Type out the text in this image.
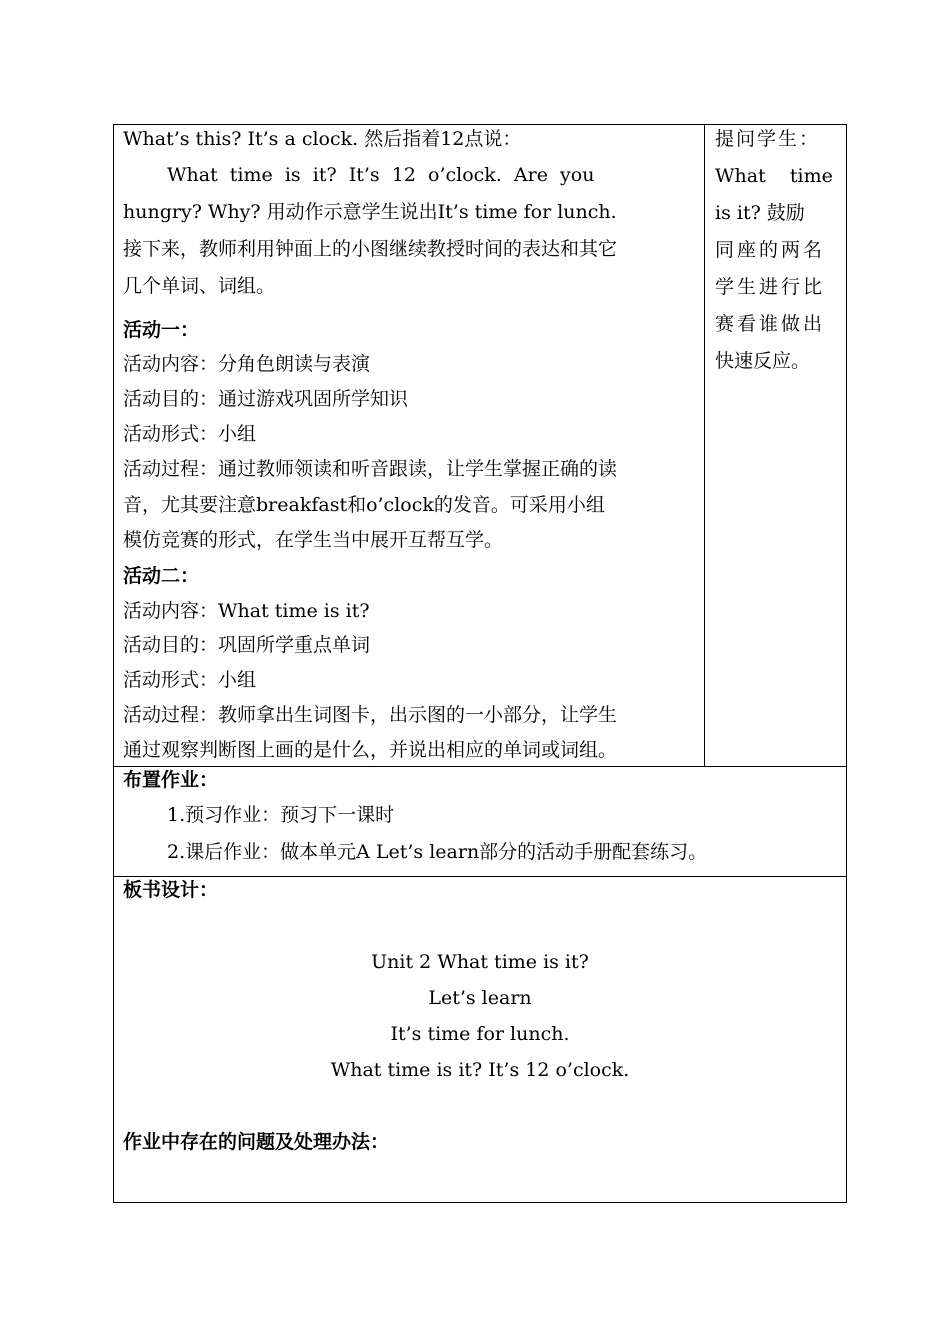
What’s this? It’s a clock. 然后指着12点说：
What  time  is  it?  It’s  12  o’clock.  Are  you
hungry? Why? 用动作示意学生说出It’s time for lunch.
接下来，教师利用钟面上的小图继续教授时间的表达和其它
几个单词、词组。
活动一：
活动内容：分角色朗读与表演
活动目的：通过游戏巩固所学知识
活动形式：小组
活动过程：通过教师领读和听音跟读，让学生掌握正确的读
音，尤其要注意breakfast和o’clock的发音。可采用小组
模仿竞赛的形式，在学生当中展开互帮互学。
活动二：
活动内容：What time is it?
活动目的：巩固所学重点单词
活动形式：小组
活动过程：教师拿出生词图卡，出示图的一小部分，让学生
通过观察判断图上画的是什么，并说出相应的单词或词组。
提问学生：
What    time
is it? 鼓励
同座的两名
学生进行比
赛看谁做出
快速反应。
布置作业：
1.预习作业：预习下一课时
2.课后作业：做本单元A Let’s learn部分的活动手册配套练习。
板书设计：
Unit 2 What time is it?
Let’s learn
It’s time for lunch.
What time is it? It’s 12 o’clock.
作业中存在的问题及处理办法：
